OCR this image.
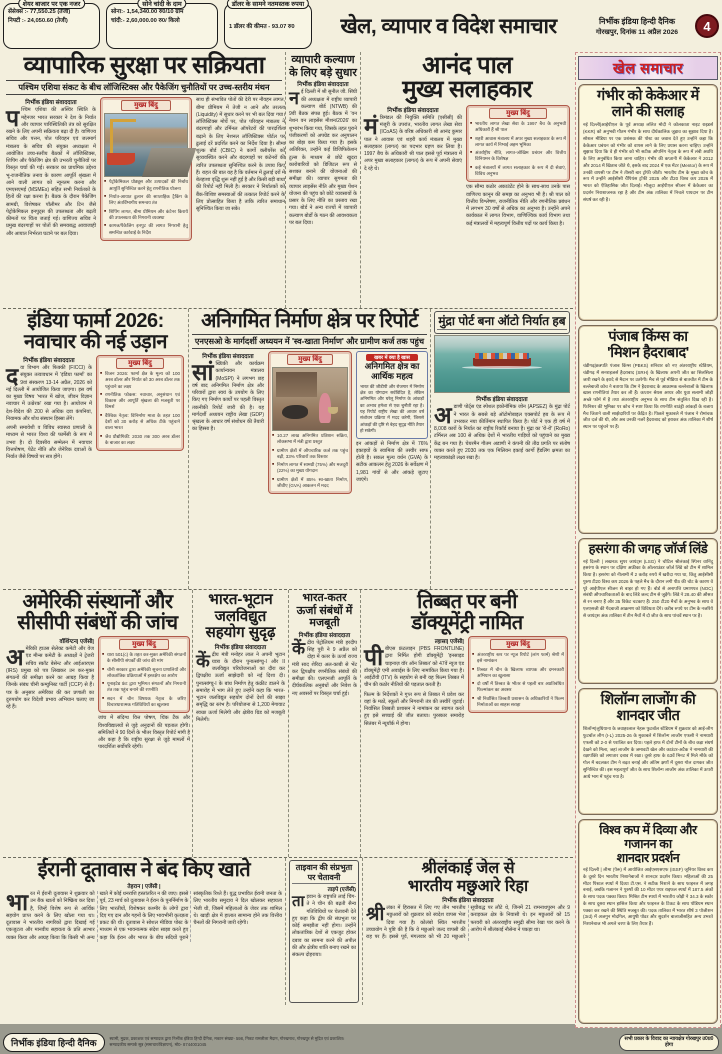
शेयर बाजार पर एक नजर
सेंसेक्स :- 77,550.25 (तेजी)
निफ्टी :- 24,050.60 (तेजी)
सोने चांदी के दाम
सोना:- 1,54,340.00 रु0/10 ग्राम
चांदी:- 2,60,000.00 रु0/ किलो
डॉलर के सामने नतमस्तक रुपया
1 डॉलर की कीमत - 93.07 रु0	खेल, व्यापार व विदेश समाचार	निर्भीक इंडिया हिन्दी दैनिक
गोरखपुर, दिनांक 11 अप्रैल 2026	4
व्यापारिक सुरक्षा पर सक्रियता
पश्चिम एशिया संकट के बीच लॉजिस्टिक्स और पैकेजिंग चुनौतियों पर उच्च-स्तरीय मंथन
निर्भीक इंडिया संवाददाता
पश्चिम एशिया की अस्थिर स्थिति के मद्देनजर भारत सरकार ने देश के निर्यात और व्यापार पारिस्थितिकी तंत्र को सुरक्षित रखने के लिए अपनी सक्रियता बढ़ा दी है। वाणिज्य सचिव और पत्तन, पोत परिवहन एवं जलमार्ग मंत्रालय के सचिव की संयुक्त अध्यक्षता में आयोजित उच्च-स्तरीय बैठकों में लॉजिस्टिक्स, शिपिंग और पैकेजिंग क्षेत्र की उभरती चुनौतियों पर विस्तृत चर्चा की गई। सरकार का प्राथमिक उद्देश्य भू-राजनीतिक तनाव के कारण आपूर्ति श्रृंखला में आने वाली लागत को न्यूनतम करना और एमएसएमई (MSMEs) सहित सभी निर्यातकों के हितों की रक्षा करना है। बैठक के दौरान पैकेजिंग सामग्री, विशेषकर पॉलीमर और टिन जैसे पेट्रोकेमिकल इनपुट्स की उपलब्धता और बढ़ती कीमतों पर चिंता जताई गई। वाणिज्य सचिव ने प्रमुख बंदरगाहों पर पोतों की समयबद्ध आवाजाही और आयात निर्भरता घटाने पर बल दिया।
मुख्य बिंदु
■ पेट्रोकेमिकल प्रोड्यूस और उत्पादकों की निर्बाध आपूर्ति सुनिश्चित करने हेतु रणनीतिक योजना
■ निर्यात-आयात ढुलान की साप्ताहिक ट्रैकिंग के लिए अंतर्विभागीय समन्वय तंत्र
■ शिपिंग लागत, बीमा प्रीमियम और कंटेनर किराये की उपलब्धता की निगरानी व्यवस्था
■ कागज/पैकेजिंग इनपुट की लागत निगरानी हेतु समन्वित कार्रवाई के निर्देश
साथ ही संभावित पोतों की देरी पर नौवहन लागत, बीमा प्रीमियम में तेजी न आने और तरलता (Liquidity) में सुधार करने पर भी बल दिया गया। लॉजिस्टिक्स मोर्चे पर, पोत परिवहन मंत्रालय ने बंदरगाहों और टर्मिनल ऑपरेटरों की पारदर्शिता बढ़ाने के लिए नेशनल लॉजिस्टिक्स पोर्टल पर ढुलाई दरें प्रदर्शित करने का निर्देश दिया है। सीमा शुल्क बोर्ड (CBIC) ने कार्गो क्लीयरेंस को सुव्यवस्थित करने और बंदरगाहों पर कंटेनरों की त्वरित उपलब्धता सुनिश्चित करने के उपाय किए हैं। राहत की बात यह है कि वर्तमान में ढुलाई दरों में बेतहाशा वृद्धि शुरू नहीं हुई है और किसी बड़ी बाधा की रिपोर्ट नहीं मिली है। सरकार ने निर्यातकों को बैंक-विशिष्ट समस्याओं की तत्काल रिपोर्ट करने के लिए प्रोत्साहित किया है ताकि त्वरित समाधान सुनिश्चित किया जा सके।
व्यापारी कल्याण के लिए बड़े सुधार
निर्भीक इंडिया संवाददाता
नई दिल्ली में श्री सुनील जी. सिंघी की अध्यक्षता में राष्ट्रीय व्यापारी कल्याण बोर्ड (NTWB) की 9वीं बैठक संपन्न हुई। बैठक में 'वन नेशन वन लाइसेंस मीशन/2026' का शुभारंभ किया गया, जिसके तहत पुराने पंजीकरणों को अपग्रेड कर अनुपालन का बोझ कम किया गया है। इसके अतिरिक्त, उन्होंने कई डिजिफिकेशन टूल्स के माध्यम से छोटे खुदरा कारोबारियों को डिजिटल रूप से सशक्त बनाने की योजनाओं की समीक्षा की। व्यापार सुगमता की व्यापार लाइसेंस नीति और मुख्य पेंशन योजना की पहुंच को छोटे व्यवसायों के प्रसार के लिए नीति का प्रस्ताव रखा गया। बोर्ड ने अन्य राज्यों में व्यापारी कल्याण बोर्डों के गठन की आवश्यकता पर बल दिया।
आनंद पाल
मुख्य सलाहकार
निर्भीक इंडिया संवाददाता
मंत्रिमंडल की नियुक्ति समिति (एसीसी) की मंजूरी के उपरांत, भारतीय लागत लेखा सेवा (ICoAS) के वरिष्ठ अधिकारी श्री आनंद कुमार पाल ने आवास एवं शहरी कार्य मंत्रालय में मुख्य सलाहकार (लागत) का पदभार ग्रहण कर लिया है। 1997 बैच के अधिकारी श्री पाल इससे पूर्व मंत्रालय में अपर मुख्य सलाहकार (लागत) के रूप में अपनी सेवाएं दे रहे थे।
मुख्य बिंदु
■ भारतीय लागत लेखा सेवा के 1997 बैच के अनुभवी अधिकारी हैं श्री पाल
■ शहरी आवास मंत्रालय में अपर मुख्य सलाहकार के रूप में लागत कार्य में निभाई अहम भूमिका
■ अंतर्राष्ट्रीय नीति, लागत-जोखिम प्रबंधन और वित्तीय विनियमन के विशेषज्ञ
■ कई मंत्रालयों में लागत सलाहकार के रूप में दी सेवाएं, विविध अनुभव
एक सौम्य कठोर अकाउंटेंट होने के साथ-साथ उनके पास वाणिज्य कानून की समझ का अनुभव भी है। श्री पाल को वित्तीय विश्लेषण, राजनीतिक नीति और रणनीतिक प्रबंधन में लगभग 30 वर्षों से अधिक का अनुभव है। उन्होंने अपने कार्यकाल में लागत विभाग, वाणिज्यिक कार्य विभाग तथा कई मंत्रालयों में महत्वपूर्ण वित्तीय पदों पर कार्य किया है।
इंडिया फार्मा 2026:
नवाचार की नई उड़ान
निर्भीक इंडिया संवाददाता
दवा विभाग और फिक्की (FICCI) के संयुक्त तत्वावधान में 'इंडिया फार्मा' का 9वां संस्करण 13-14 अप्रैल, 2026 को नई दिल्ली में आयोजित किया जाएगा। इस वर्ष का मुख्य विषय 'भारत में खोज, जीवन विज्ञान नवाचार में उत्प्रेरक' रखा गया है। आयोजन में देश-विदेश की 200 से अधिक दवा कंपनियां, नियामक और शोध संस्थान हिस्सा लेंगे।
अपनी समावेशी व विविध स्वास्थ्य प्रणाली के माध्यम से भारत विश्व की फार्मेसी के रूप में उभरा है। दो दिवसीय सम्मेलन में नवाचार वित्तपोषण, पेटेंट नीति और जेनेरिक दवाओं के निर्यात जैसे विषयों पर सत्र होंगे।
मुख्य बिंदु
■ विजन 2026: फार्मा क्षेत्र के मूल्य को 100 अरब डॉलर और निर्यात को 30 अरब डॉलर तक पहुंचाने का लक्ष्य
■ रणनीतिक फोकस: नवाचार, अनुसंधान एवं विकास और आपूर्ति श्रृंखला की मजबूती पर विमर्श
■ वैश्विक नेतृत्व: विनिर्माण मात्रा के तहत 100 देशों को 30 करोड़ से अधिक टीके पहुंचाने वाला भारत
■ जैव प्रौद्योगिकी: 2030 तक 300 अरब डॉलर के बाजार का लक्ष्य
अनिगमित निर्माण क्षेत्र पर रिपोर्ट
एनएसओ के मार्गदर्शी अध्ययन में 'स्व-खाता निर्माण' और ग्रामीण कर्ज तक पहुंच
निर्भीक इंडिया संवाददाता
सांख्यिकी और कार्यक्रम कार्यान्वयन मंत्रालय (MoSPI) ने लगभग छह वर्ष बाद अनिगमित निर्माण क्षेत्र और परिवारों द्वारा स्वयं के उपयोग के लिए किए गए निर्माण कार्यों पर पहली विस्तृत तकनीकी रिपोर्ट जारी की है। यह मार्गदर्शी अध्ययन राष्ट्रीय लेखा (GDP) श्रृंखला के आधार वर्ष संशोधन की तैयारी का हिस्सा है।
मुख्य बिंदु
■ 10.27 लाख अनिगमित प्रतिष्ठान सक्रिय, लोकसभा में मंत्री द्वारा प्रस्तुत
■ ग्रामीण क्षेत्रों में औपचारिक कर्ज तक पहुंच बढ़ी, 33% परिवारों तक विस्तार
■ निर्माण लागत में सामग्री (75%) और मजदूरी (22%) का मुख्य योगदान
■ ग्रामीण क्षेत्रों में 85% स्व-खाता निर्माण, जीवीए (GVA) आकलन में मदद
खबर में क्या है खास
अनिगमित क्षेत्र का आर्थिक महत्व
भारत की जीडीपी और रोजगार में निर्माण क्षेत्र का योगदान सर्वविदित है, लेकिन अनिगमित और घरेलू निर्माण के आंकड़ों का अभाव हमेशा से एक चुनौती रहा है। यह रिपोर्ट राष्ट्रीय लेखा की आधार वर्ष संशोधन प्रक्रिया में मदद करेगी, जिससे आंकड़ों की दृष्टि से बेहद सुदृढ़ नीति तैयार हो सकेगी।
इन आंकड़ों से निर्माण क्षेत्र में 76% इकाइयों के स्वामित्व की तस्वीर साफ होती है। सकल मूल्य वर्धन (GVA) के सटीक आकलन हेतु 2026 के सर्वेक्षण में 1,981 गांवों से और आंकड़े जुटाए जाएंगे।
मुंद्रा पोर्ट बना ऑटो निर्यात हब
निर्भीक इंडिया संवाददाता
अडाणी पोर्ट्स एंड स्पेशल इकोनॉमिक जोन (APSEZ) के मुंद्रा पोर्ट ने भारत के सबसे बड़े ऑटोमोबाइल एक्सपोर्ट हब के रूप में उभरकर नया कीर्तिमान स्थापित किया है। पोर्ट ने एक ही वर्ष में 8,008 कारों के निर्यात का राष्ट्रीय रिकॉर्ड बनाया है। मुंद्रा का 'रो-रो' (RoRo) टर्मिनल अब 100 से अधिक देशों में भारतीय गाड़ियों को पहुंचाने का मुख्य केंद्र बन गया है। चेयरमैन गौतम अडाणी ने कंपनी की तीव्र प्रगति पर संतोष व्यक्त करते हुए 2030 तक एक मिलियन इकाई कार्गो हैंडलिंग क्षमता का महत्वाकांक्षी लक्ष्य रखा है।
अमेरिकी संस्थानों और
सीसीपी संबंधों की जांच
वॉशिंग्टन| एजेंसी|
अमेरिकी हाउस सेलेक्ट कमेटी और वेज एंड मीन्स कमेटी के अध्यक्षों ने ट्रेजरी सचिव स्कॉट बेसेन्ट और आईआरएस (IRS) प्रमुख को पत्र लिखकर उन कर-मुक्त संगठनों की समीक्षा करने का आग्रह किया है जिनके संबंध चीनी कम्युनिस्ट पार्टी (CCP) से हैं। पत्र के अनुसार अमेरिका की कर प्रणाली का दुरुपयोग कर विदेशी प्रभाव अभियान चलाए जा रहे हैं।
मुख्य बिंदु
■ धारा 501(c) के तहत कर-मुक्त अमेरिकी संगठनों के सीसीपी संपर्कों की जांच की मांग
■ चीनी सरकार द्वारा अमेरिकी सूचना प्रणालियों और लोकतांत्रिक प्रक्रियाओं में हस्तक्षेप का आरोप
■ यूनाइटेड फ्रंट द्वारा भूमिगत संगठनों और निगरानी तंत्र तक पहुंच बनाने की रणनीति
■ सदन में चीन विषयक नेतृत्व के जरिए विचारधारात्मक गतिविधियों का खुलासा
जांच में संदिग्ध वित्त पोषण, थिंक टैंक और विश्वविद्यालयों से जुड़े अनुदानों की पड़ताल होगी। समितियों ने 90 दिनों के भीतर विस्तृत रिपोर्ट मांगी है और कहा है कि राष्ट्रीय सुरक्षा से जुड़े मामलों में पारदर्शिता सर्वोपरि रहेगी।
भारत-भूटान जलविद्युत सहयोग सुदृढ़
निर्भीक इंडिया संवाददाता
केंद्रीय मंत्री मनोहर लाल ने अपनी भूटान यात्रा के दौरान पुनात्सांग्चु-I और II जलविद्युत परियोजनाओं का दौरा कर द्विपक्षीय ऊर्जा साझेदारी को नई दिशा दी। पुनात्सांग्चु-I के बांध निर्माण हेतु कंक्रीट डालने के समारोह में भाग लेते हुए उन्होंने कहा कि भारत-भूटान जलविद्युत सहयोग दोनों देशों की साझा समृद्धि का स्तंभ है। परियोजना से 1,200 मेगावाट स्वच्छ ऊर्जा मिलेगी और क्षेत्रीय ग्रिड को मजबूती मिलेगी।
भारत-कतर ऊर्जा संबंधों में मजबूती
निर्भीक इंडिया संवाददाता
केंद्रीय पेट्रोलियम मंत्री हरदीप सिंह पुरी ने 9 अप्रैल को दोहा में कतर के ऊर्जा राज्य मंत्री साद शेरिदा अल-काबी से भेंट कर द्विपक्षीय रणनीतिक संबंधों की समीक्षा की। एलएनजी आपूर्ति के दीर्घकालिक अनुबंधों और निवेश के नए अवसरों पर विस्तृत चर्चा हुई।
तिब्बत पर बनी
डॉक्यूमेंट्री नामित
ल्हासा| एजेंसी|
पीबीएस फ्रंटलाइन (PBS FRONTLINE) द्वारा निर्मित होगी डॉक्यूमेंट्री 'इनसाइड चाइनाज़ वॉर ऑन तिब्बत' को 47वें न्यूज एंड डॉक्यूमेंट्री एमी अवार्ड्स के लिए नामांकित किया गया है। आईटीवी (ITV) के सहयोग से बनी यह फिल्म तिब्बत में चीन की कठोर नीतियों की पड़ताल करती है।
फिल्म के निर्देशकों ने गुप्त रूप से तिब्बत में प्रवेश कर वहां के मठों, स्कूलों और निगरानी तंत्र की तस्वीरें जुटाईं। निर्वासित तिब्बती प्रशासन ने नामांकन का स्वागत करते हुए इसे सच्चाई की जीत बताया। पुरस्कार समारोह सितंबर में न्यूयॉर्क में होगा।
मुख्य बिंदु
■ अंतरराष्ट्रीय स्तर पर न्यूज रिपोर्ट (लांग फार्म) श्रेणी में इसे नामांकन
■ तिब्बत में चीन के खिलाफ व्यापक और दमनकारी अभियान का खुलासा
■ दो वर्षों में तिब्बत के भीतर से पहली बार अप्रतिबंधित फिल्मांकन का अवसर
■ श्री निर्वासित तिब्बती प्रशासन के अधिकारियों ने फिल्म निर्माताओं का साहस सराहा
ईरानी दूतावास ने बंद किए खाते
तेहरान | एजेंसी |
भारत में ईरानी दूतावास ने शुक्रवार को उन बैंक खातों को निष्क्रिय कर दिया है, जिन्हें विशेष रूप से आर्थिक सहयोग प्राप्त करने के लिए खोला गया था। दूतावास ने भारतीय नागरिकों द्वारा दिखाई गई एकजुटता और मानवीय सहायता के प्रति आभार व्यक्त किया और आग्रह किया कि किसी भी अन्य खाते में कोई धनराशि हस्तांतरित न की जाए। इससे पूर्व, 23 मार्च को दूतावास ने ईरान के पुनर्निर्माण के लिए भारतीयों, विशेषकर कश्मीर के लोगों द्वारा दिए गए दान और गहनों के लिए भावभीनी कृतज्ञता प्रकट की थी। दूतावास ने सोशल मीडिया पोस्ट के माध्यम से एक भावनात्मक संदेश साझा करते हुए कहा कि ईरान और भारत के बीच सदियों पुराने सांस्कृतिक रिश्ते हैं। युद्ध प्रभावित ईरानी जनता के लिए भारतीय समुदाय ने दिल खोलकर सहायता भेजी थी, जिसमें महिलाओं के जेवर तक शामिल थे। खाड़ी क्षेत्र में हालात सामान्य होने तक वित्तीय चैनलों की निगरानी जारी रहेगी।
ताइवान की संप्रभुता पर चेतावनी
ताइपे (एजेंसी)
ताइवान के राष्ट्रपति लाई चिंग-ते ने चीन की बढ़ती सैन्य गतिविधियों पर चेतावनी देते हुए कहा कि द्वीप की संप्रभुता पर कोई समझौता नहीं होगा। उन्होंने लोकतांत्रिक देशों से एकजुट होकर दबाव का सामना करने की अपील की और क्षेत्रीय शांति बनाए रखने का संकल्प दोहराया।
श्रीलंकाई जेल से
भारतीय मछुआरे रिहा
निर्भीक इंडिया संवाददाता
श्री लंका में हिरासत में लिए गए तीन भारतीय मछुआरों को शुक्रवार को स्वदेश वापस भेज दिया गया है। कोलंबो स्थित भारतीय उच्चायोग ने पुष्टि की है कि ये मछुआरे जल्द वापसी की राह पर हैं। इससे पूर्व, मंगलवार को भी 20 मछुआरे सूचीबद्ध पर लौटे थे, जिनमें 21 रामनाथपुरम और 9 कराइकल क्षेत्र के निवासी थे। इन मछुआरों को 15 फरवरी को अंतरराष्ट्रीय समुद्री सीमा रेखा पार करने के आरोप में श्रीलंकाई नौसेना ने पकड़ा था।
खेल समाचार
गंभीर को केकेआर में
लाने की सलाह
नई दिल्ली|आईपीएल के पूर्व अध्यक्ष ललित मोदी ने कोलकाता नाइट राइडर्स (KKR) को अनुभवी गौतम गंभीर के साथ दीर्घकालिक जुड़ाव का सुझाव दिया है। सोशल मीडिया पर एक प्रशंसक की पोस्ट का जवाब देते हुए उन्होंने कहा कि केकेआर प्रबंधन को गंभीर को वापस लाने के लिए प्रयास करना चाहिए। उन्होंने सुझाव दिया कि वे ही गंभीर को भी सटीक ओपनिंग नेतृत्व के रूप में लंबी अवधि के लिए अनुबंधित किया जाना चाहिए। गंभीर की कप्तानी में केकेआर ने 2012 और 2014 में खिताब जीते थे, इसके बाद 2024 में एक मेंटर (Mentor) के रूप में उनकी वापसी पर टीम ने तीसरी बार ट्रॉफी जीती। भारतीय टीम के मुख्य कोच के रूप में उन्होंने आईसीसी चैंपियंस ट्रॉफी 2025 और टी20 विश्व कप 2026 में भारत को ऐतिहासिक जीत दिलाई। मौजूदा आईपीएल सीजन में केकेआर का प्रदर्शन निराशाजनक रहा है और टीम अंक तालिका में निचले पायदान पर टीम संघर्ष कर रही है।
पंजाब किंग्स का
'मिशन हैदराबाद'
चंडीगढ़|छत्रपति पंजाब किंग्स (PBKS) शनिवार को नए अंतरराष्ट्रीय स्टेडियम, चंडीगढ़ में सनराइजर्स हैदराबाद (SRH) के खिलाफ अपनी जीत का सिलसिला जारी रखने के इरादे से मैदान पर उतरेगी। मैच से पूर्व मीडिया से बातचीत में टीम के बल्लेबाजी कोच ने बताया कि टीम ने हैदराबाद के आक्रामक बल्लेबाजों के खिलाफ खास रणनीतियां तैयार कर ली हैं। कप्तान श्रेयस अय्यर और युवा सलामी जोड़ी अच्छे फॉर्म में है तथा अंतरराष्ट्रीय अनुभव के साथ टीम संतुलित दिख रही है। फिनिशर की भूमिका पर कोच ने स्पष्ट किया कि रणनीति बाउंड्री आंकड़ों के बजाय मैच जिताने वाली साझेदारियों पर केंद्रित है। पिछले मुकाबले में पंजाब ने रोमांचक जीत दर्ज की थी, और अब उनकी नजरें हैदराबाद को हराकर अंक तालिका में शीर्ष स्थान पर पहुंचने पर हैं।
हसरंगा की जगह जॉर्ज लिंडे
नई दिल्ली | लखनऊ सुपर जायंट्स (LSG) ने चोटिल श्रीलंकाई स्पिनर वानिंदु हसरंगा के स्थान पर दक्षिण अफ्रीका के ऑलराउंडर जॉर्ज लिंडे को टीम में शामिल किया है। हसरंगा को नीलामी में 2 करोड़ रुपये में खरीदा गया था, किंतु आईसीसी पुरुष टी20 विश्व कप 2026 के पहले मैच के दौरान लगी पीठ की चोट के कारण वे पूरे आईपीएल सीजन से बाहर हो गए हैं। बोर्ड से अनापत्ति प्रमाणपत्र (NOC) संबंधी औपचारिकताओं के बाद लिंडे जल्द टीम से जुड़ेंगे। लिंडे ने 28.40 की औसत से रन बनाए हैं और 35 विकेट चटकाए हैं। 250 टी20 मैचों के अनुभव के साथ वे एलएसजी की गेंदबाजी आक्रमण को विविधता देंगे। करीब रुपये पर टीम के नजरिये से जायंट्स अंक तालिका में तीन मैचों में दो जीत के साथ पांचवें स्थान पर है।
शिलॉन्ग लाजोंग की
शानदार जीत
शिलॉन्ग|लुधियाना के जवाहरलाल नेहरू फुटबॉल स्टेडियम में शुक्रवार को आई-लीग फुटबॉल लीग (I-L) 2025-26 के मुकाबले में शिलॉन्ग लाजोंग एफसी ने नामधारी एफसी को 2-0 से पराजित कर दिया। पहले हाफ में दोनों टीमों के बीच कड़ा संघर्ष देखने को मिला, जहां लाजोंग के जमावटी खेल और काउंटर-अटैक ने नामधारी की रक्षापंक्ति को लगातार दबाव में रखा। दूसरे हाफ के 63वें मिनट में मिले मौके को गोल में बदलकर टीम ने बढ़त बनाई और अंतिम क्षणों में दूसरा गोल दागकर जीत सुनिश्चित की। इस महत्वपूर्ण जीत के साथ शिलॉन्ग लाजोंग अंक तालिका में ऊपरी आधे भाग में पहुंच गया है।
विश्व कप में दिव्या और गजानन का
शानदार प्रदर्शन
नई दिल्ली | लीमा (पेरू) में आयोजित आईएसएसएफ (ISSF) जूनियर विश्व कप के दूसरे दिन भारतीय निशानेबाजों ने शानदार प्रदर्शन किया। महिलाओं की 25 मीटर पिस्टल स्पर्धा में दिव्या टी.एस. ने सटीक निशाने के साथ फाइनल में जगह बनाई, जबकि गजानन ने पुरुषों की 10 मीटर एयर राइफल स्पर्धा में 187.5 अंकों के साथ पदक पक्का किया। मिश्रित टीम स्पर्धा में भारतीय जोड़ी ने 34.3 के स्कोर के साथ दूसरा स्थान हासिल किया और फाइनल के टिकट के साथ पोडियम स्थान पक्का कर रखने की स्थिति मजबूत की। पदक तालिका में भारत शीर्ष 3 पोजीशन (3rd) में अजगुन मोदगिल, आयुषी पोढर और सुदर्शन बालाजीसहित अन्य उभरते निशानेबाज भी अगले चरण के लिए तैयार हैं।
निर्भीक इंडिया हिन्दी दैनिक	स्वामी, मुद्रक, प्रकाशक एवं सम्पादक द्वारा निर्भीक इंडिया हिन्दी दैनिक, मकान संख्या- 598, निकट रामलीला मैदान, गोरखनाथ, गोरखपुर से मुद्रित एवं प्रकाशित।
सम्पादकीय सम्पर्क सूत्र (समाचार/विज्ञापन), मो0- 8744001045
सभी प्रकार के विवाद का न्यायक्षेत्र गोरखपुर उ0प्र0 होगा
